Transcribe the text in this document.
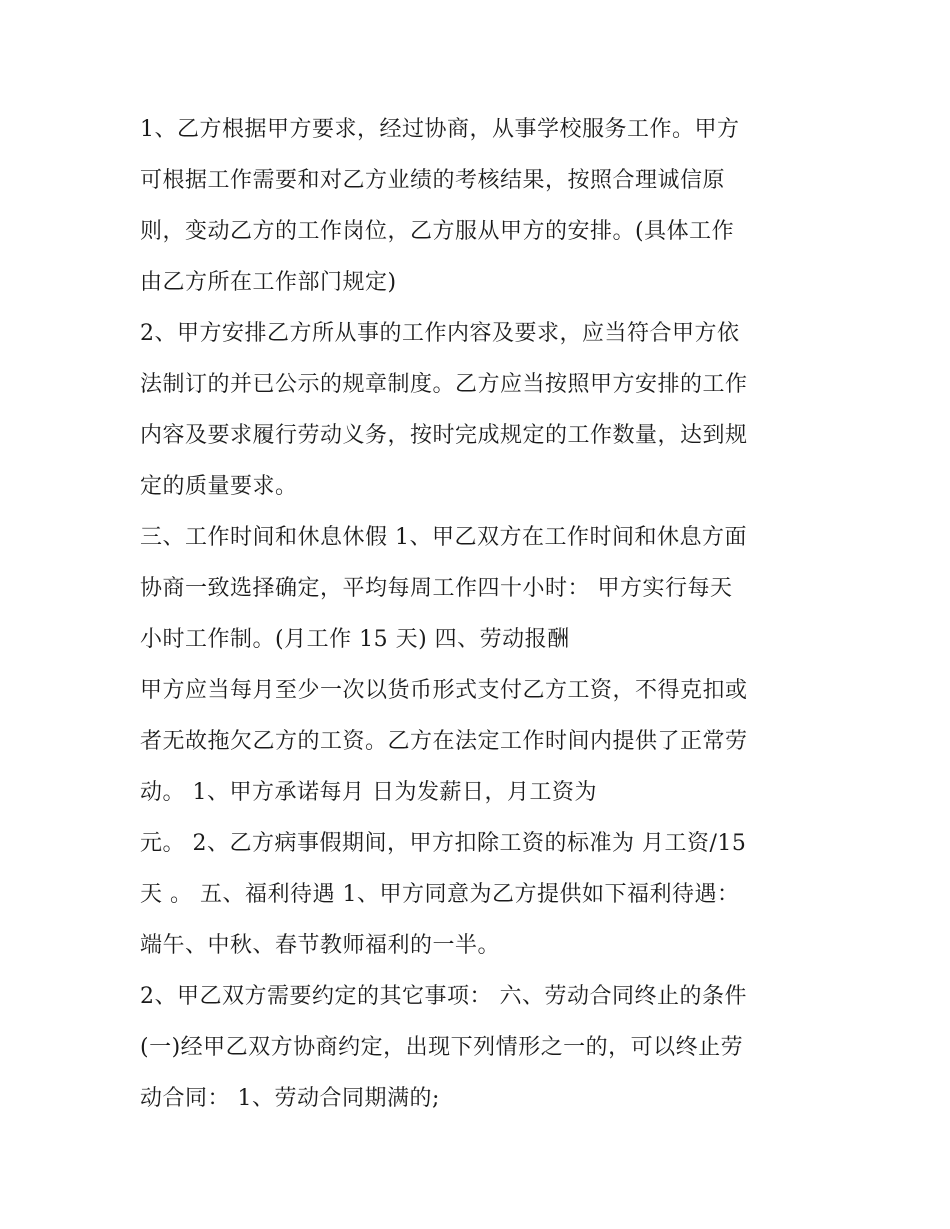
1、乙方根据甲方要求，经过协商，从事学校服务工作。甲方
可根据工作需要和对乙方业绩的考核结果，按照合理诚信原
则，变动乙方的工作岗位，乙方服从甲方的安排。(具体工作
由乙方所在工作部门规定)
2、甲方安排乙方所从事的工作内容及要求，应当符合甲方依
法制订的并已公示的规章制度。乙方应当按照甲方安排的工作
内容及要求履行劳动义务，按时完成规定的工作数量，达到规
定的质量要求。
三、工作时间和休息休假 1、甲乙双方在工作时间和休息方面
协商一致选择确定，平均每周工作四十小时： 甲方实行每天
小时工作制。(月工作 15 天) 四、劳动报酬
甲方应当每月至少一次以货币形式支付乙方工资，不得克扣或
者无故拖欠乙方的工资。乙方在法定工作时间内提供了正常劳
动。 1、甲方承诺每月 日为发薪日，月工资为
元。 2、乙方病事假期间，甲方扣除工资的标准为 月工资/15
天 。 五、福利待遇 1、甲方同意为乙方提供如下福利待遇：
端午、中秋、春节教师福利的一半。
2、甲乙双方需要约定的其它事项： 六、劳动合同终止的条件
(一)经甲乙双方协商约定，出现下列情形之一的，可以终止劳
动合同： 1、劳动合同期满的;
